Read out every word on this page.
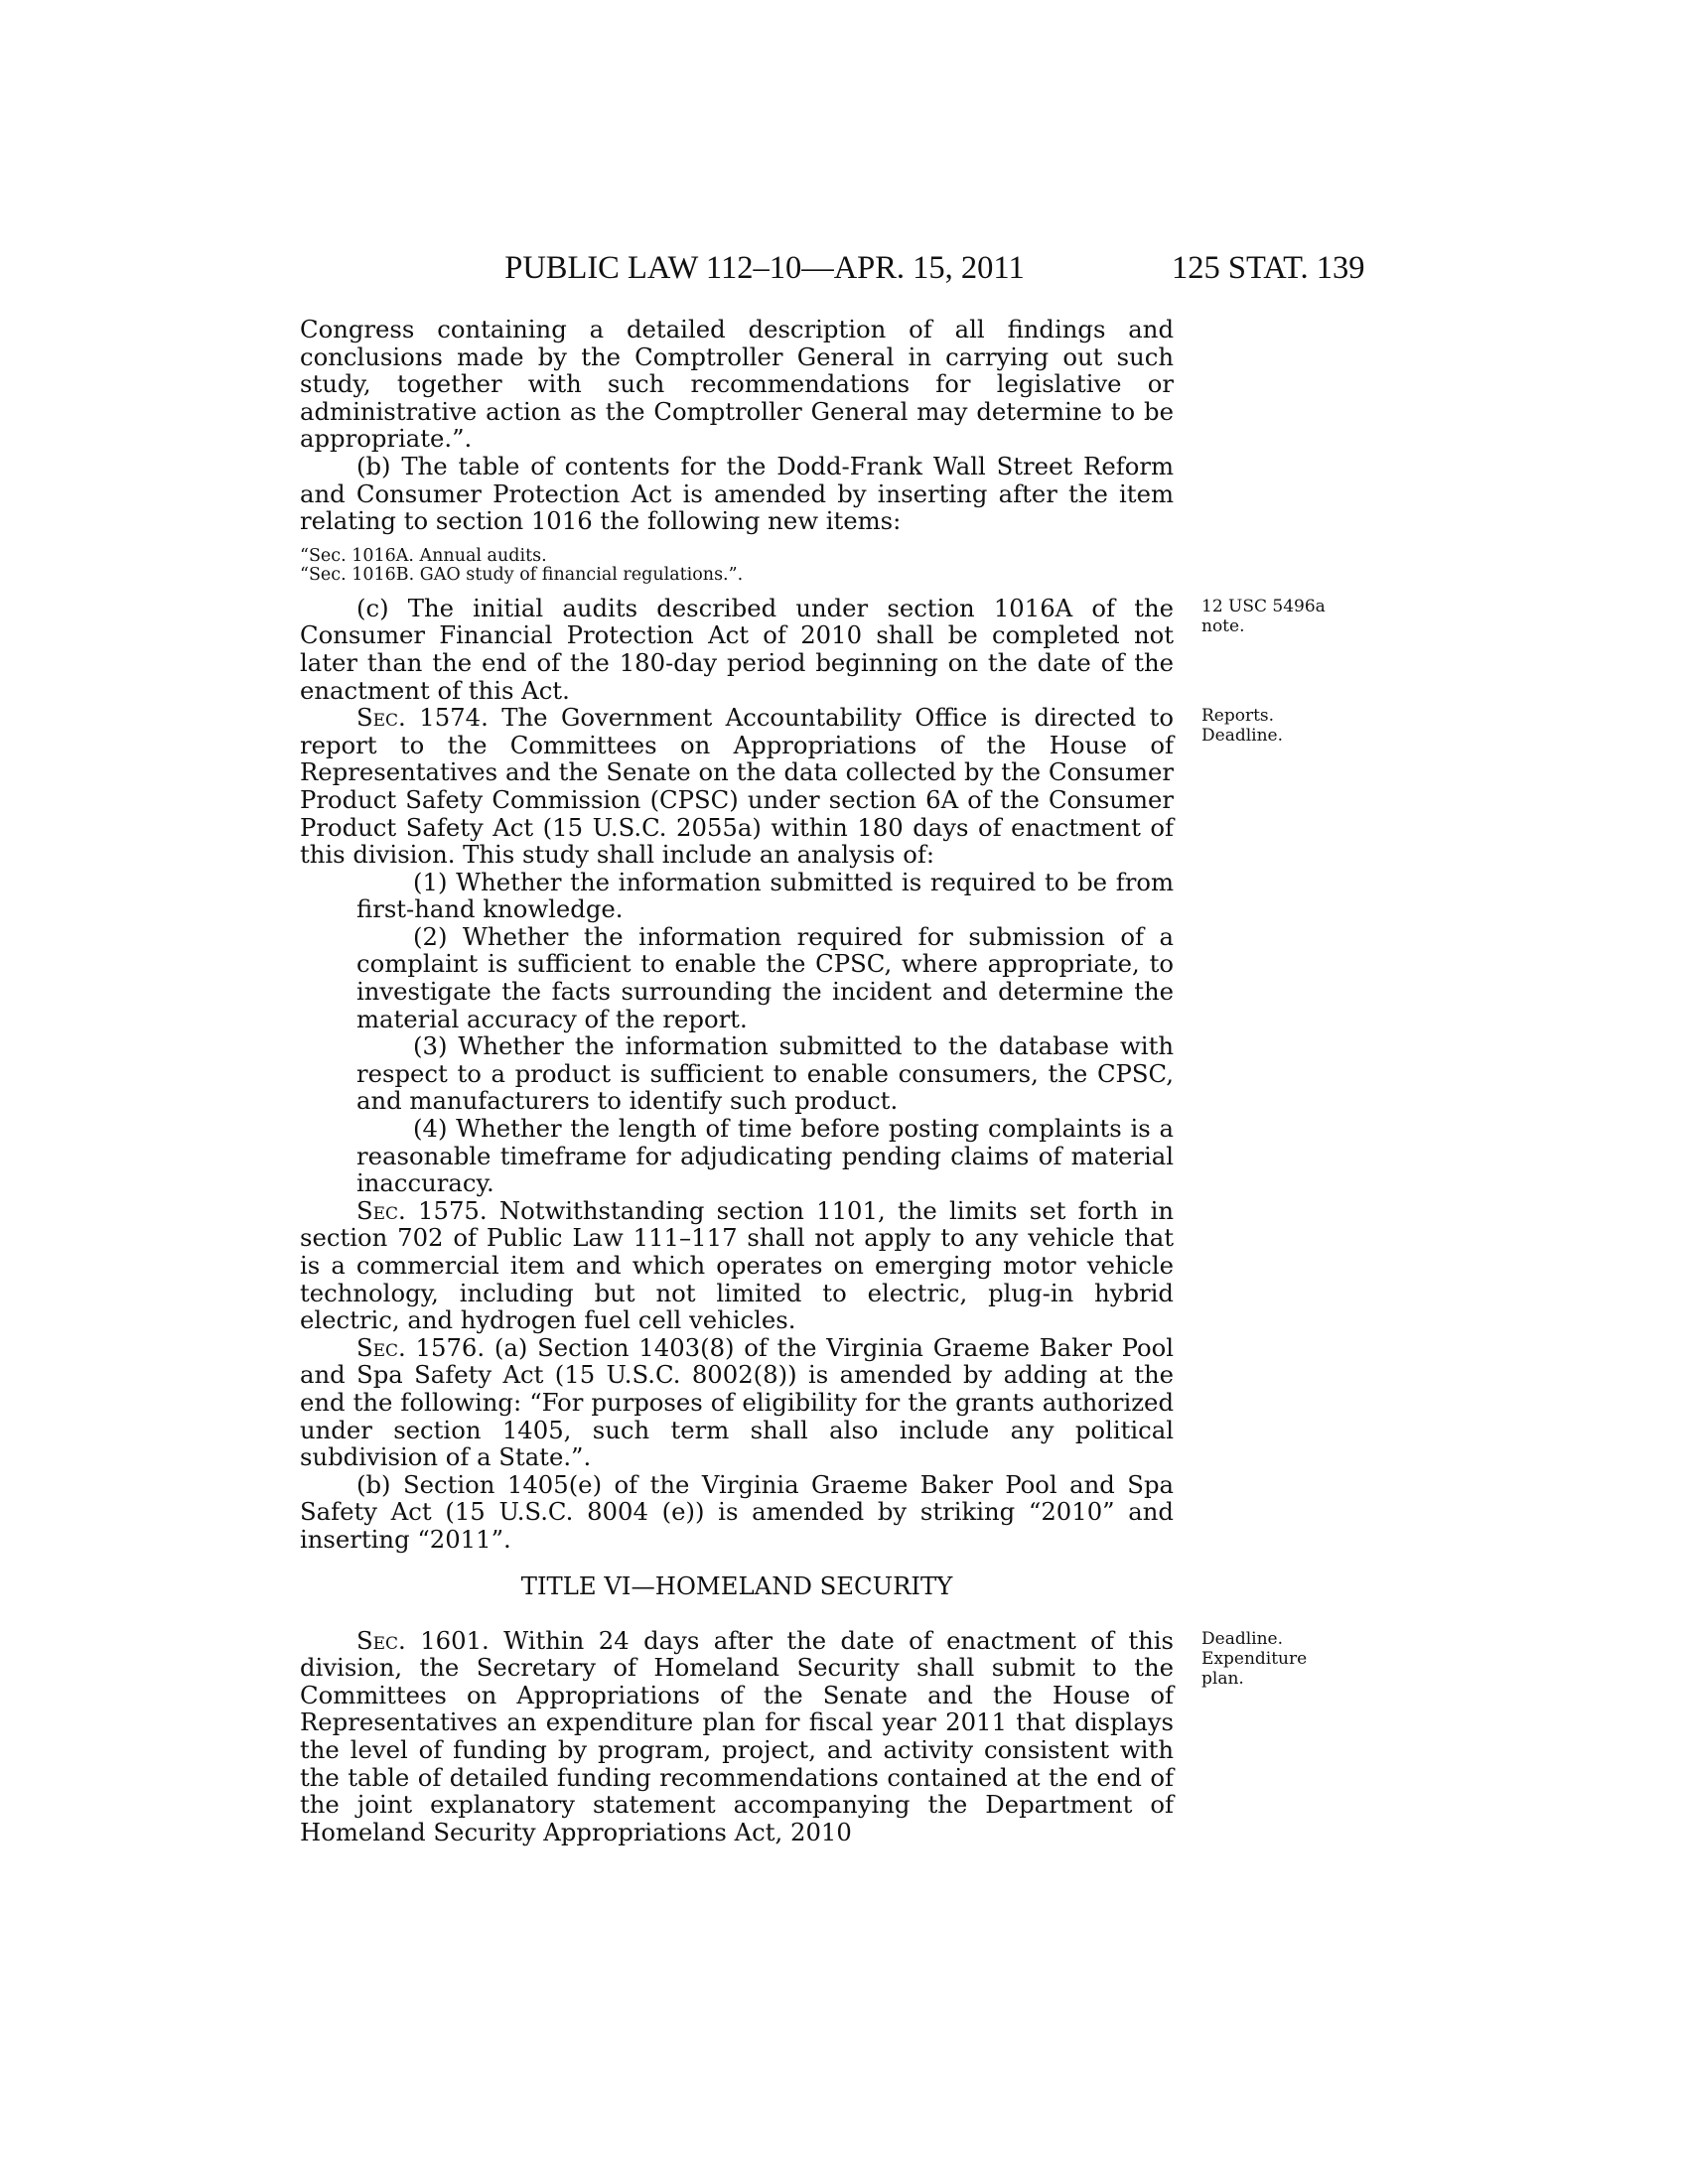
PUBLIC LAW 112–10—APR. 15, 2011	125 STAT. 139
Congress containing a detailed description of all findings and conclusions made by the Comptroller General in carrying out such study, together with such recommendations for legislative or administrative action as the Comptroller General may determine to be appropriate.”.
(b) The table of contents for the Dodd-Frank Wall Street Reform and Consumer Protection Act is amended by inserting after the item relating to section 1016 the following new items:
“Sec. 1016A. Annual audits.
“Sec. 1016B. GAO study of financial regulations.”.
(c) The initial audits described under section 1016A of the Consumer Financial Protection Act of 2010 shall be completed not later than the end of the 180-day period beginning on the date of the enactment of this Act.
Sec. 1574. The Government Accountability Office is directed to report to the Committees on Appropriations of the House of Representatives and the Senate on the data collected by the Consumer Product Safety Commission (CPSC) under section 6A of the Consumer Product Safety Act (15 U.S.C. 2055a) within 180 days of enactment of this division. This study shall include an analysis of:
(1) Whether the information submitted is required to be from first-hand knowledge.
(2) Whether the information required for submission of a complaint is sufficient to enable the CPSC, where appropriate, to investigate the facts surrounding the incident and determine the material accuracy of the report.
(3) Whether the information submitted to the database with respect to a product is sufficient to enable consumers, the CPSC, and manufacturers to identify such product.
(4) Whether the length of time before posting complaints is a reasonable timeframe for adjudicating pending claims of material inaccuracy.
Sec. 1575. Notwithstanding section 1101, the limits set forth in section 702 of Public Law 111–117 shall not apply to any vehicle that is a commercial item and which operates on emerging motor vehicle technology, including but not limited to electric, plug-in hybrid electric, and hydrogen fuel cell vehicles.
Sec. 1576. (a) Section 1403(8) of the Virginia Graeme Baker Pool and Spa Safety Act (15 U.S.C. 8002(8)) is amended by adding at the end the following: “For purposes of eligibility for the grants authorized under section 1405, such term shall also include any political subdivision of a State.”.
(b) Section 1405(e) of the Virginia Graeme Baker Pool and Spa Safety Act (15 U.S.C. 8004 (e)) is amended by striking “2010” and inserting “2011”.
TITLE VI—HOMELAND SECURITY
Sec. 1601. Within 24 days after the date of enactment of this division, the Secretary of Homeland Security shall submit to the Committees on Appropriations of the Senate and the House of Representatives an expenditure plan for fiscal year 2011 that displays the level of funding by program, project, and activity consistent with the table of detailed funding recommendations contained at the end of the joint explanatory statement accompanying the Department of Homeland Security Appropriations Act, 2010
12 USC 5496a
note.
Reports.
Deadline.
Deadline.
Expenditure
plan.
